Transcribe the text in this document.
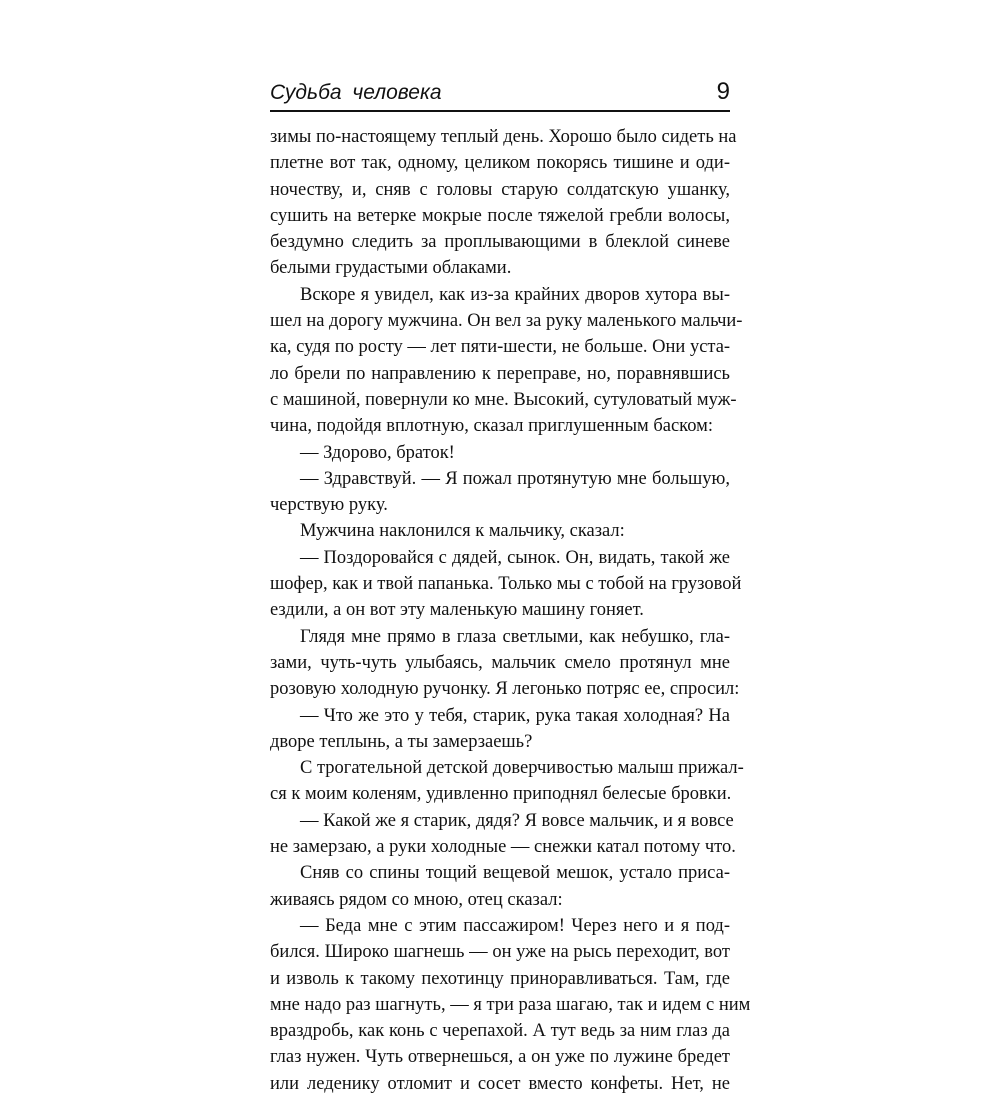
Судьба человека	9
зимы по-настоящему теплый день. Хорошо было сидеть на
плетне вот так, одному, целиком покорясь тишине и оди-
ночеству, и, сняв с головы старую солдатскую ушанку,
сушить на ветерке мокрые после тяжелой гребли волосы,
бездумно следить за проплывающими в блеклой синеве
белыми грудастыми облаками.
Вскоре я увидел, как из-за крайних дворов хутора вы-
шел на дорогу мужчина. Он вел за руку маленького мальчи-
ка, судя по росту — лет пяти-шести, не больше. Они уста-
ло брели по направлению к переправе, но, поравнявшись
с машиной, повернули ко мне. Высокий, сутуловатый муж-
чина, подойдя вплотную, сказал приглушенным баском:
— Здорово, браток!
— Здравствуй. — Я пожал протянутую мне большую,
черствую руку.
Мужчина наклонился к мальчику, сказал:
— Поздоровайся с дядей, сынок. Он, видать, такой же
шофер, как и твой папанька. Только мы с тобой на грузовой
ездили, а он вот эту маленькую машину гоняет.
Глядя мне прямо в глаза светлыми, как небушко, гла-
зами, чуть-чуть улыбаясь, мальчик смело протянул мне
розовую холодную ручонку. Я легонько потряс ее, спросил:
— Что же это у тебя, старик, рука такая холодная? На
дворе теплынь, а ты замерзаешь?
С трогательной детской доверчивостью малыш прижал-
ся к моим коленям, удивленно приподнял белесые бровки.
— Какой же я старик, дядя? Я вовсе мальчик, и я вовсе
не замерзаю, а руки холодные — снежки катал потому что.
Сняв со спины тощий вещевой мешок, устало приса-
живаясь рядом со мною, отец сказал:
— Беда мне с этим пассажиром! Через него и я под-
бился. Широко шагнешь — он уже на рысь переходит, вот
и изволь к такому пехотинцу приноравливаться. Там, где
мне надо раз шагнуть, — я три раза шагаю, так и идем с ним
враздробь, как конь с черепахой. А тут ведь за ним глаз да
глаз нужен. Чуть отвернешься, а он уже по лужине бредет
или ледeнику отломит и сосет вместо конфеты. Нет, не
